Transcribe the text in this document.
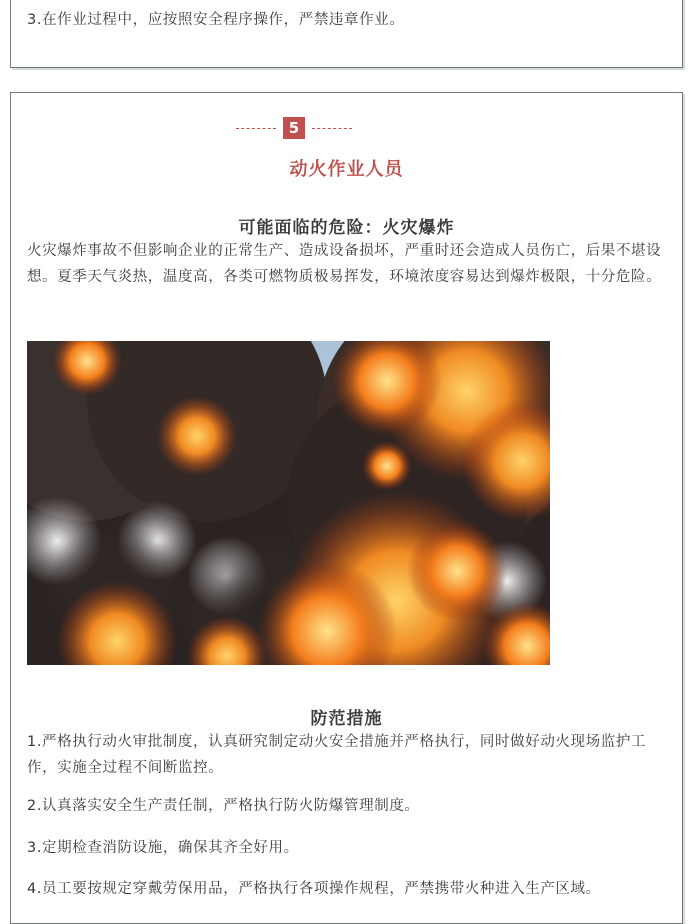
3.在作业过程中，应按照安全程序操作，严禁违章作业。

5
动火作业人员
可能面临的危险：火灾爆炸

火灾爆炸事故不但影响企业的正常生产、造成设备损坏，严重时还会造成人员伤亡，后果不堪设想。夏季天气炎热，温度高，各类可燃物质极易挥发，环境浓度容易达到爆炸极限，十分危险。

防范措施

1.严格执行动火审批制度，认真研究制定动火安全措施并严格执行，同时做好动火现场监护工作，实施全过程不间断监控。

2.认真落实安全生产责任制，严格执行防火防爆管理制度。

3.定期检查消防设施，确保其齐全好用。

4.员工要按规定穿戴劳保用品，严格执行各项操作规程，严禁携带火种进入生产区域。
